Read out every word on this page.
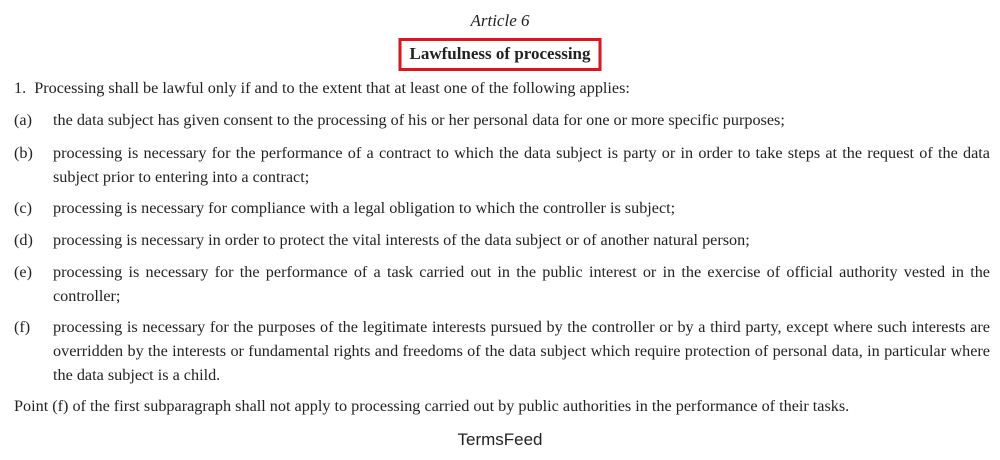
Article 6
Lawfulness of processing
1. Processing shall be lawful only if and to the extent that at least one of the following applies:
(a) the data subject has given consent to the processing of his or her personal data for one or more specific purposes;
(b) processing is necessary for the performance of a contract to which the data subject is party or in order to take steps at the request of the data subject prior to entering into a contract;
(c) processing is necessary for compliance with a legal obligation to which the controller is subject;
(d) processing is necessary in order to protect the vital interests of the data subject or of another natural person;
(e) processing is necessary for the performance of a task carried out in the public interest or in the exercise of official authority vested in the controller;
(f) processing is necessary for the purposes of the legitimate interests pursued by the controller or by a third party, except where such interests are overridden by the interests or fundamental rights and freedoms of the data subject which require protection of personal data, in particular where the data subject is a child.
Point (f) of the first subparagraph shall not apply to processing carried out by public authorities in the performance of their tasks.
TermsFeed
